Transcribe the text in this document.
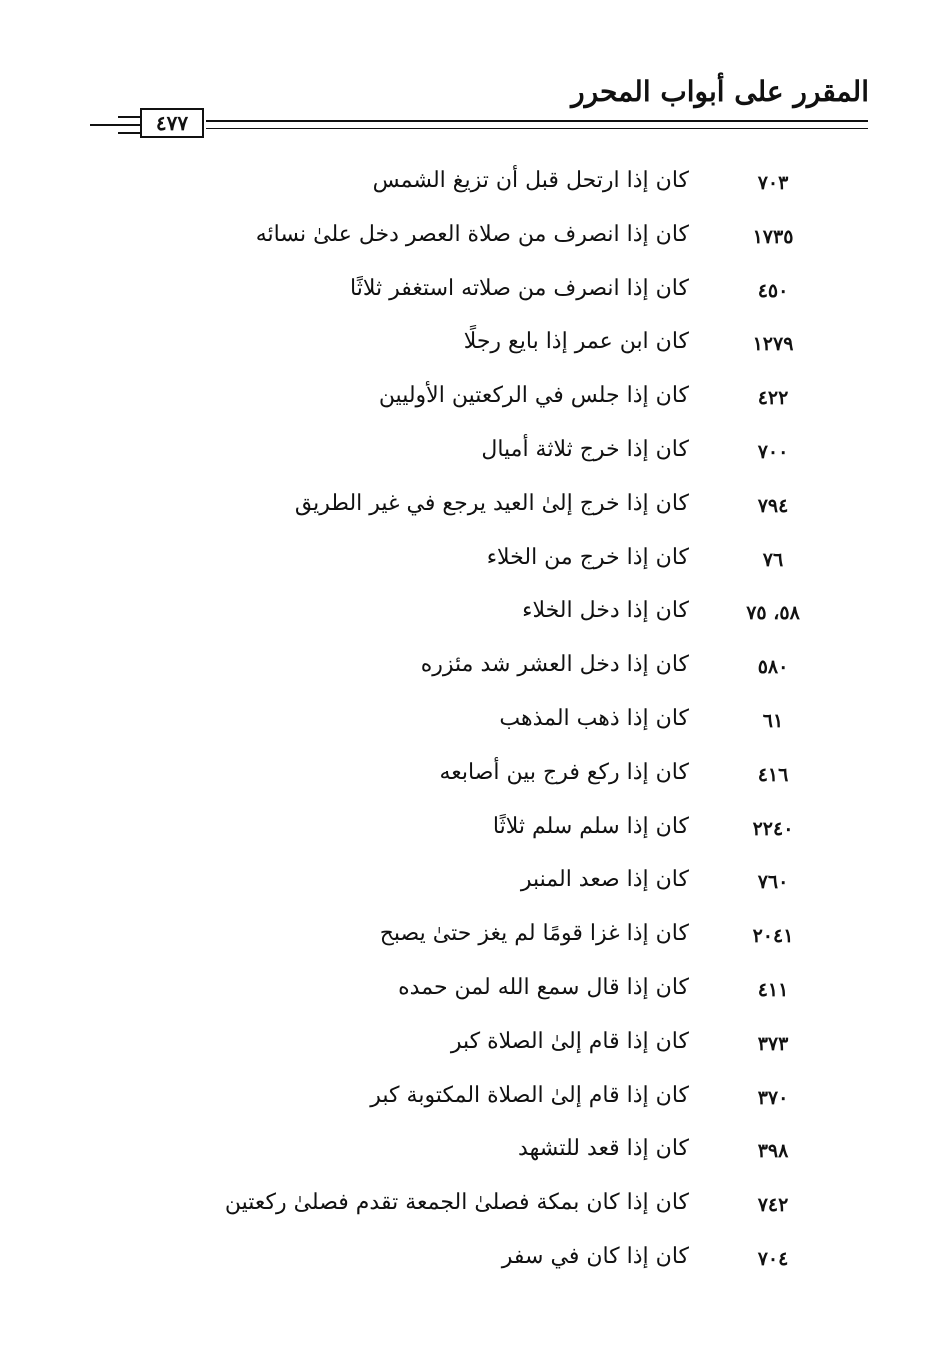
المقرر على أبواب المحرر
٤٧٧
٧٠٣
كان إذا ارتحل قبل أن تزيغ الشمس
١٧٣٥
كان إذا انصرف من صلاة العصر دخل علىٰ نسائه
٤٥٠
كان إذا انصرف من صلاته استغفر ثلاثًا
١٢٧٩
كان ابن عمر إذا بايع رجلًا
٤٢٢
كان إذا جلس في الركعتين الأوليين
٧٠٠
كان إذا خرج ثلاثة أميال
٧٩٤
كان إذا خرج إلىٰ العيد يرجع في غير الطريق
٧٦
كان إذا خرج من الخلاء
٥٨، ٧٥
كان إذا دخل الخلاء
٥٨٠
كان إذا دخل العشر شد مئزره
٦١
كان إذا ذهب المذهب
٤١٦
كان إذا ركع فرج بين أصابعه
٢٢٤٠
كان إذا سلم سلم ثلاثًا
٧٦٠
كان إذا صعد المنبر
٢٠٤١
كان إذا غزا قومًا لم يغز حتىٰ يصبح
٤١١
كان إذا قال سمع الله لمن حمده
٣٧٣
كان إذا قام إلىٰ الصلاة كبر
٣٧٠
كان إذا قام إلىٰ الصلاة المكتوبة كبر
٣٩٨
كان إذا قعد للتشهد
٧٤٢
كان إذا كان بمكة فصلىٰ الجمعة تقدم فصلىٰ ركعتين
٧٠٤
كان إذا كان في سفر
